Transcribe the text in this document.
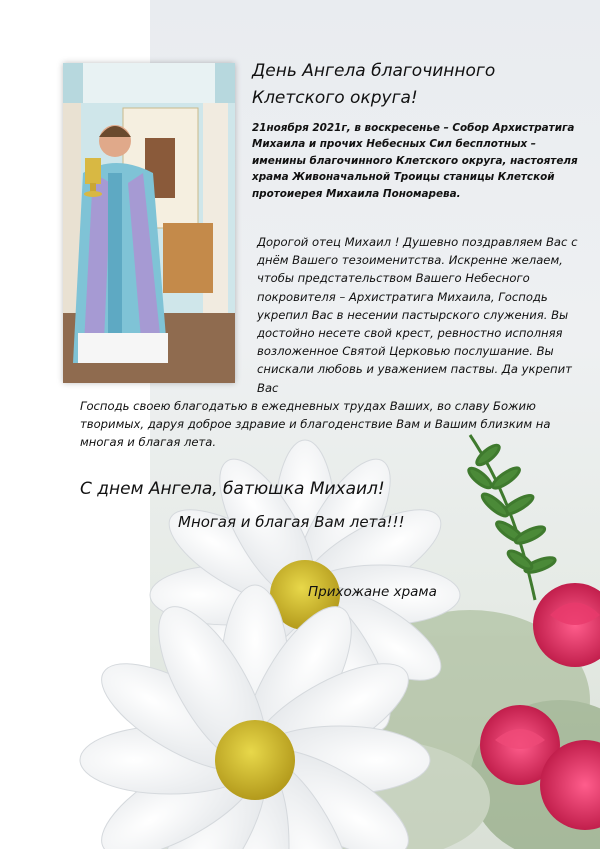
День Ангела благочинного
Клетского округа!
21ноября 2021г, в воскресенье – Собор Архистратига Михаила и прочих Небесных Сил бесплотных – именины благочинного Клетского округа, настоятеля храма Живоначальной Троицы станицы Клетской протоиерея Михаила Пономарева.
Дорогой отец Михаил ! Душевно поздравляем Вас с днём Вашего тезоименитства. Искренне желаем, чтобы предстательством Вашего Небесного покровителя – Архистратига Михаила, Господь укрепил Вас в несении пастырского служения. Вы достойно несете свой крест, ревностно исполняя возложенное Святой Церковью послушание. Вы снискали любовь и уважением паствы. Да укрепит Вас
Господь своею благодатью в ежедневных трудах Ваших, во славу Божию творимых, даруя доброе здравие и благоденствие Вам и Вашим близким на многая и благая лета.
С днем Ангела, батюшка Михаил!
Многая и благая Вам лета!!!
Прихожане храма
